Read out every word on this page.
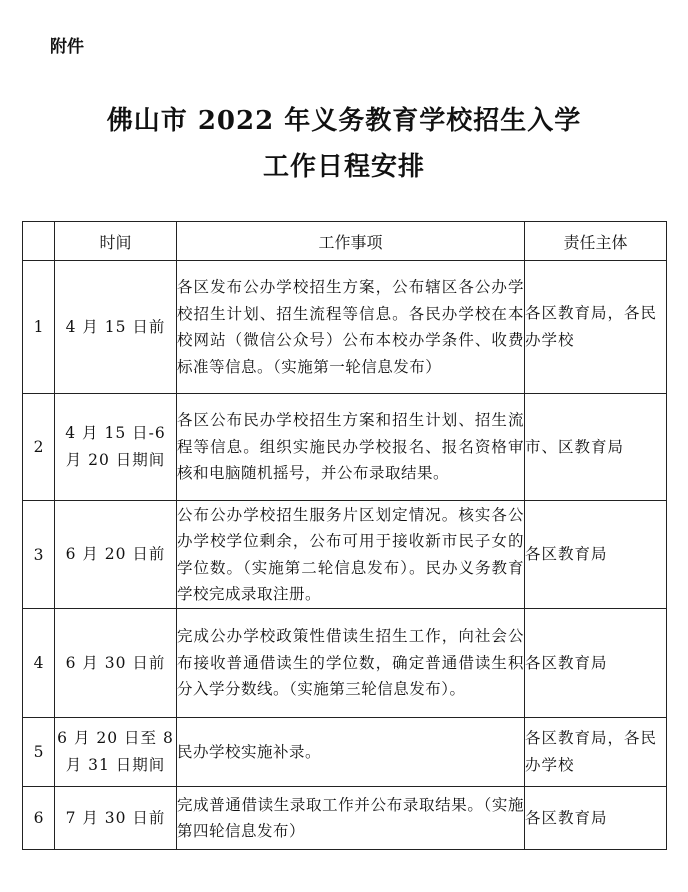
附件
佛山市 2022 年义务教育学校招生入学
工作日程安排
	时间	工作事项	责任主体
1	4 月 15 日前	各区发布公办学校招生方案，公布辖区各公办学校招生计划、招生流程等信息。各民办学校在本校网站（微信公众号）公布本校办学条件、收费标准等信息。（实施第一轮信息发布）	各区教育局，各民办学校
2	4 月 15 日-6 月 20 日期间	各区公布民办学校招生方案和招生计划、招生流程等信息。组织实施民办学校报名、报名资格审核和电脑随机摇号，并公布录取结果。	市、区教育局
3	6 月 20 日前	公布公办学校招生服务片区划定情况。核实各公办学校学位剩余，公布可用于接收新市民子女的学位数。（实施第二轮信息发布）。民办义务教育学校完成录取注册。	各区教育局
4	6 月 30 日前	完成公办学校政策性借读生招生工作，向社会公布接收普通借读生的学位数，确定普通借读生积分入学分数线。（实施第三轮信息发布）。	各区教育局
5	6 月 20 日至 8 月 31 日期间	民办学校实施补录。	各区教育局，各民办学校
6	7 月 30 日前	完成普通借读生录取工作并公布录取结果。（实施第四轮信息发布）	各区教育局
